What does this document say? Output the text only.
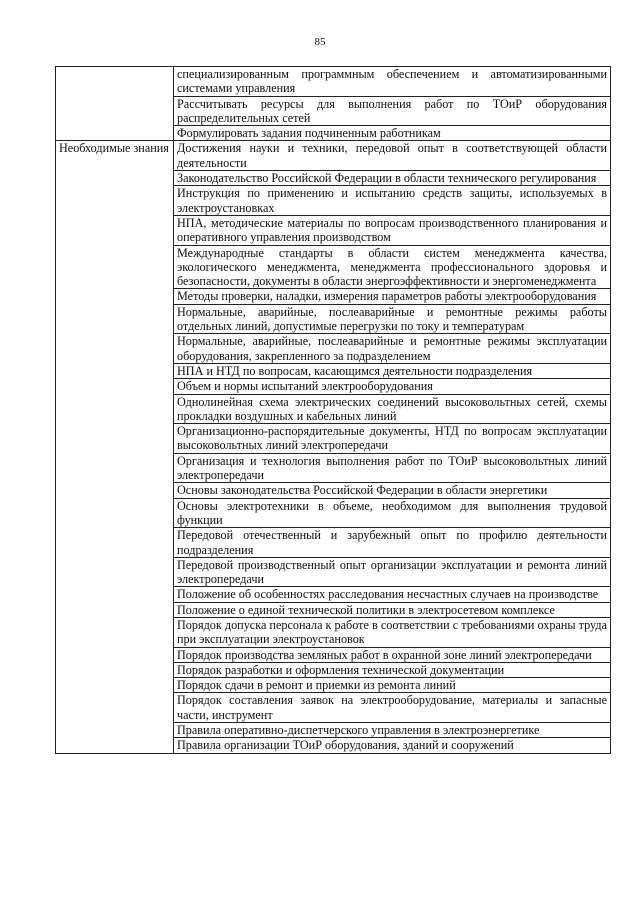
85
	специализированным программным обеспечением и автоматизированными системами управления
	Рассчитывать ресурсы для выполнения работ по ТОиР оборудования распределительных сетей
	Формулировать задания подчиненным работникам
Необходимые знания	Достижения науки и техники, передовой опыт в соответствующей области деятельности
	Законодательство Российской Федерации в области технического регулирования
	Инструкция по применению и испытанию средств защиты, используемых в электроустановках
	НПА, методические материалы по вопросам производственного планирования и оперативного управления производством
	Международные стандарты в области систем менеджмента качества, экологического менеджмента, менеджмента профессионального здоровья и безопасности, документы в области энергоэффективности и энергоменеджмента
	Методы проверки, наладки, измерения параметров работы электрооборудования
	Нормальные, аварийные, послеаварийные и ремонтные режимы работы отдельных линий, допустимые перегрузки по току и температурам
	Нормальные, аварийные, послеаварийные и ремонтные режимы эксплуатации оборудования, закрепленного за подразделением
	НПА и НТД по вопросам, касающимся деятельности подразделения
	Объем и нормы испытаний электрооборудования
	Однолинейная схема электрических соединений высоковольтных сетей, схемы прокладки воздушных и кабельных линий
	Организационно-распорядительные документы, НТД по вопросам эксплуатации высоковольтных линий электропередачи
	Организация и технология выполнения работ по ТОиР высоковольтных линий электропередачи
	Основы законодательства Российской Федерации в области энергетики
	Основы электротехники в объеме, необходимом для выполнения трудовой функции
	Передовой отечественный и зарубежный опыт по профилю деятельности подразделения
	Передовой производственный опыт организации эксплуатации и ремонта линий электропередачи
	Положение об особенностях расследования несчастных случаев на производстве
	Положение о единой технической политики в электросетевом комплексе
	Порядок допуска персонала к работе в соответствии с требованиями охраны труда при эксплуатации электроустановок
	Порядок производства земляных работ в охранной зоне линий электропередачи
	Порядок разработки и оформления технической документации
	Порядок сдачи в ремонт и приемки из ремонта линий
	Порядок составления заявок на электрооборудование, материалы и запасные части, инструмент
	Правила оперативно-диспетчерского управления в электроэнергетике
	Правила организации ТОиР оборудования, зданий и сооружений
